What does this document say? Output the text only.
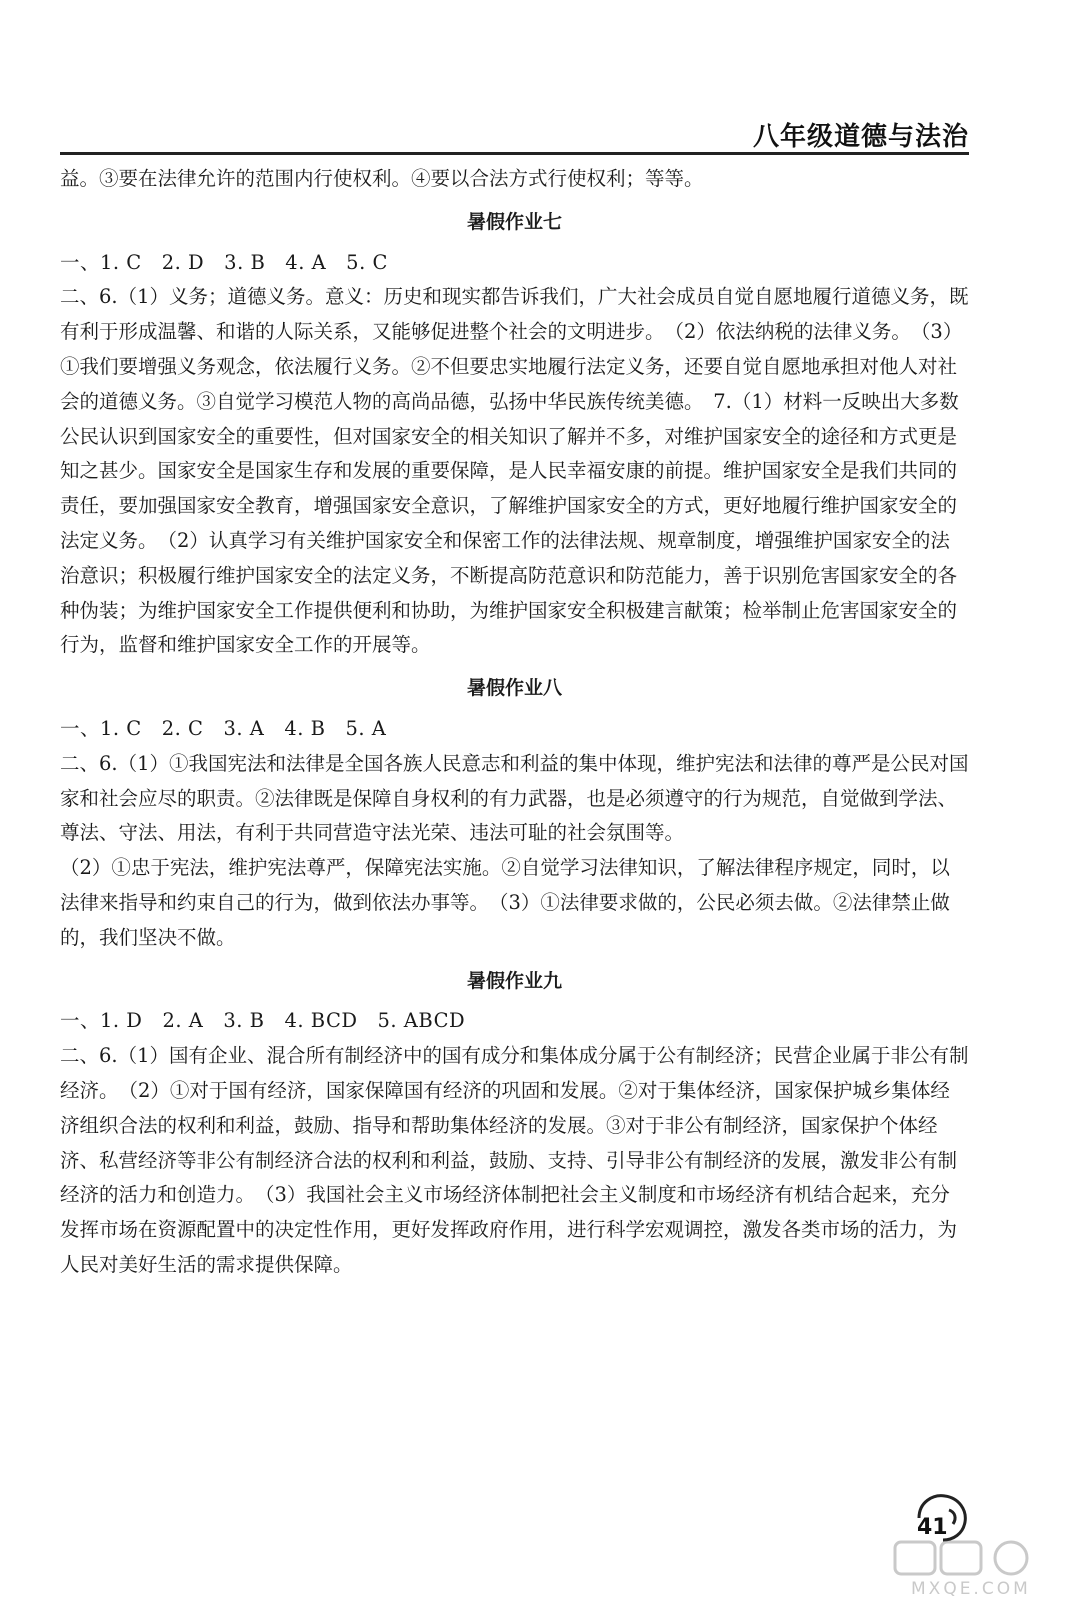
八年级道德与法治

益。③要在法律允许的范围内行使权利。④要以合法方式行使权利；等等。

暑假作业七

一、1. C　2. D　3. B　4. A　5. C

二、6.（1）义务；道德义务。意义：历史和现实都告诉我们，广大社会成员自觉自愿地履行道德义务，既有利于形成温馨、和谐的人际关系，又能够促进整个社会的文明进步。　（2）依法纳税的法律义务。　（3）①我们要增强义务观念，依法履行义务。②不但要忠实地履行法定义务，还要自觉自愿地承担对他人对社会的道德义务。③自觉学习模范人物的高尚品德，弘扬中华民族传统美德。　7.（1）材料一反映出大多数公民认识到国家安全的重要性，但对国家安全的相关知识了解并不多，对维护国家安全的途径和方式更是知之甚少。国家安全是国家生存和发展的重要保障，是人民幸福安康的前提。维护国家安全是我们共同的责任，要加强国家安全教育，增强国家安全意识，了解维护国家安全的方式，更好地履行维护国家安全的法定义务。　（2）认真学习有关维护国家安全和保密工作的法律法规、规章制度，增强维护国家安全的法治意识；积极履行维护国家安全的法定义务，不断提高防范意识和防范能力，善于识别危害国家安全的各种伪装；为维护国家安全工作提供便利和协助，为维护国家安全积极建言献策；检举制止危害国家安全的行为，监督和维护国家安全工作的开展等。

暑假作业八

一、1. C　2. C　3. A　4. B　5. A

二、6.（1）①我国宪法和法律是全国各族人民意志和利益的集中体现，维护宪法和法律的尊严是公民对国家和社会应尽的职责。②法律既是保障自身权利的有力武器，也是必须遵守的行为规范，自觉做到学法、尊法、守法、用法，有利于共同营造守法光荣、违法可耻的社会氛围等。

（2）①忠于宪法，维护宪法尊严，保障宪法实施。②自觉学习法律知识，了解法律程序规定，同时，以法律来指导和约束自己的行为，做到依法办事等。　（3）①法律要求做的，公民必须去做。②法律禁止做的，我们坚决不做。

暑假作业九

一、1. D　2. A　3. B　4. BCD　5. ABCD

二、6.（1）国有企业、混合所有制经济中的国有成分和集体成分属于公有制经济；民营企业属于非公有制经济。　（2）①对于国有经济，国家保障国有经济的巩固和发展。②对于集体经济，国家保护城乡集体经济组织合法的权利和利益，鼓励、指导和帮助集体经济的发展。③对于非公有制经济，国家保护个体经济、私营经济等非公有制经济合法的权利和利益，鼓励、支持、引导非公有制经济的发展，激发非公有制经济的活力和创造力。　（3）我国社会主义市场经济体制把社会主义制度和市场经济有机结合起来，充分发挥市场在资源配置中的决定性作用，更好发挥政府作用，进行科学宏观调控，激发各类市场的活力，为人民对美好生活的需求提供保障。

41
MXQE.COM
